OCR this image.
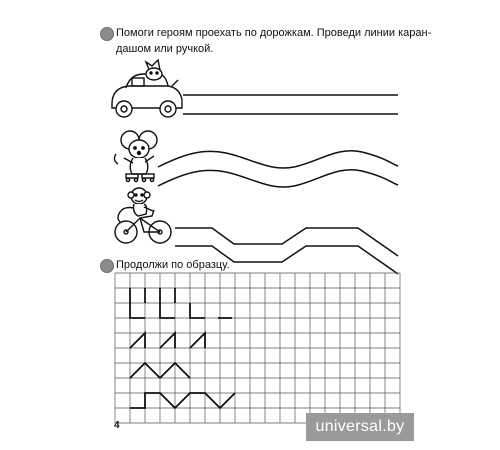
Помоги героям проехать по дорожкам. Проведи линии каран-
дашом или ручкой.
Продолжи по образцу.
4	universal.by
